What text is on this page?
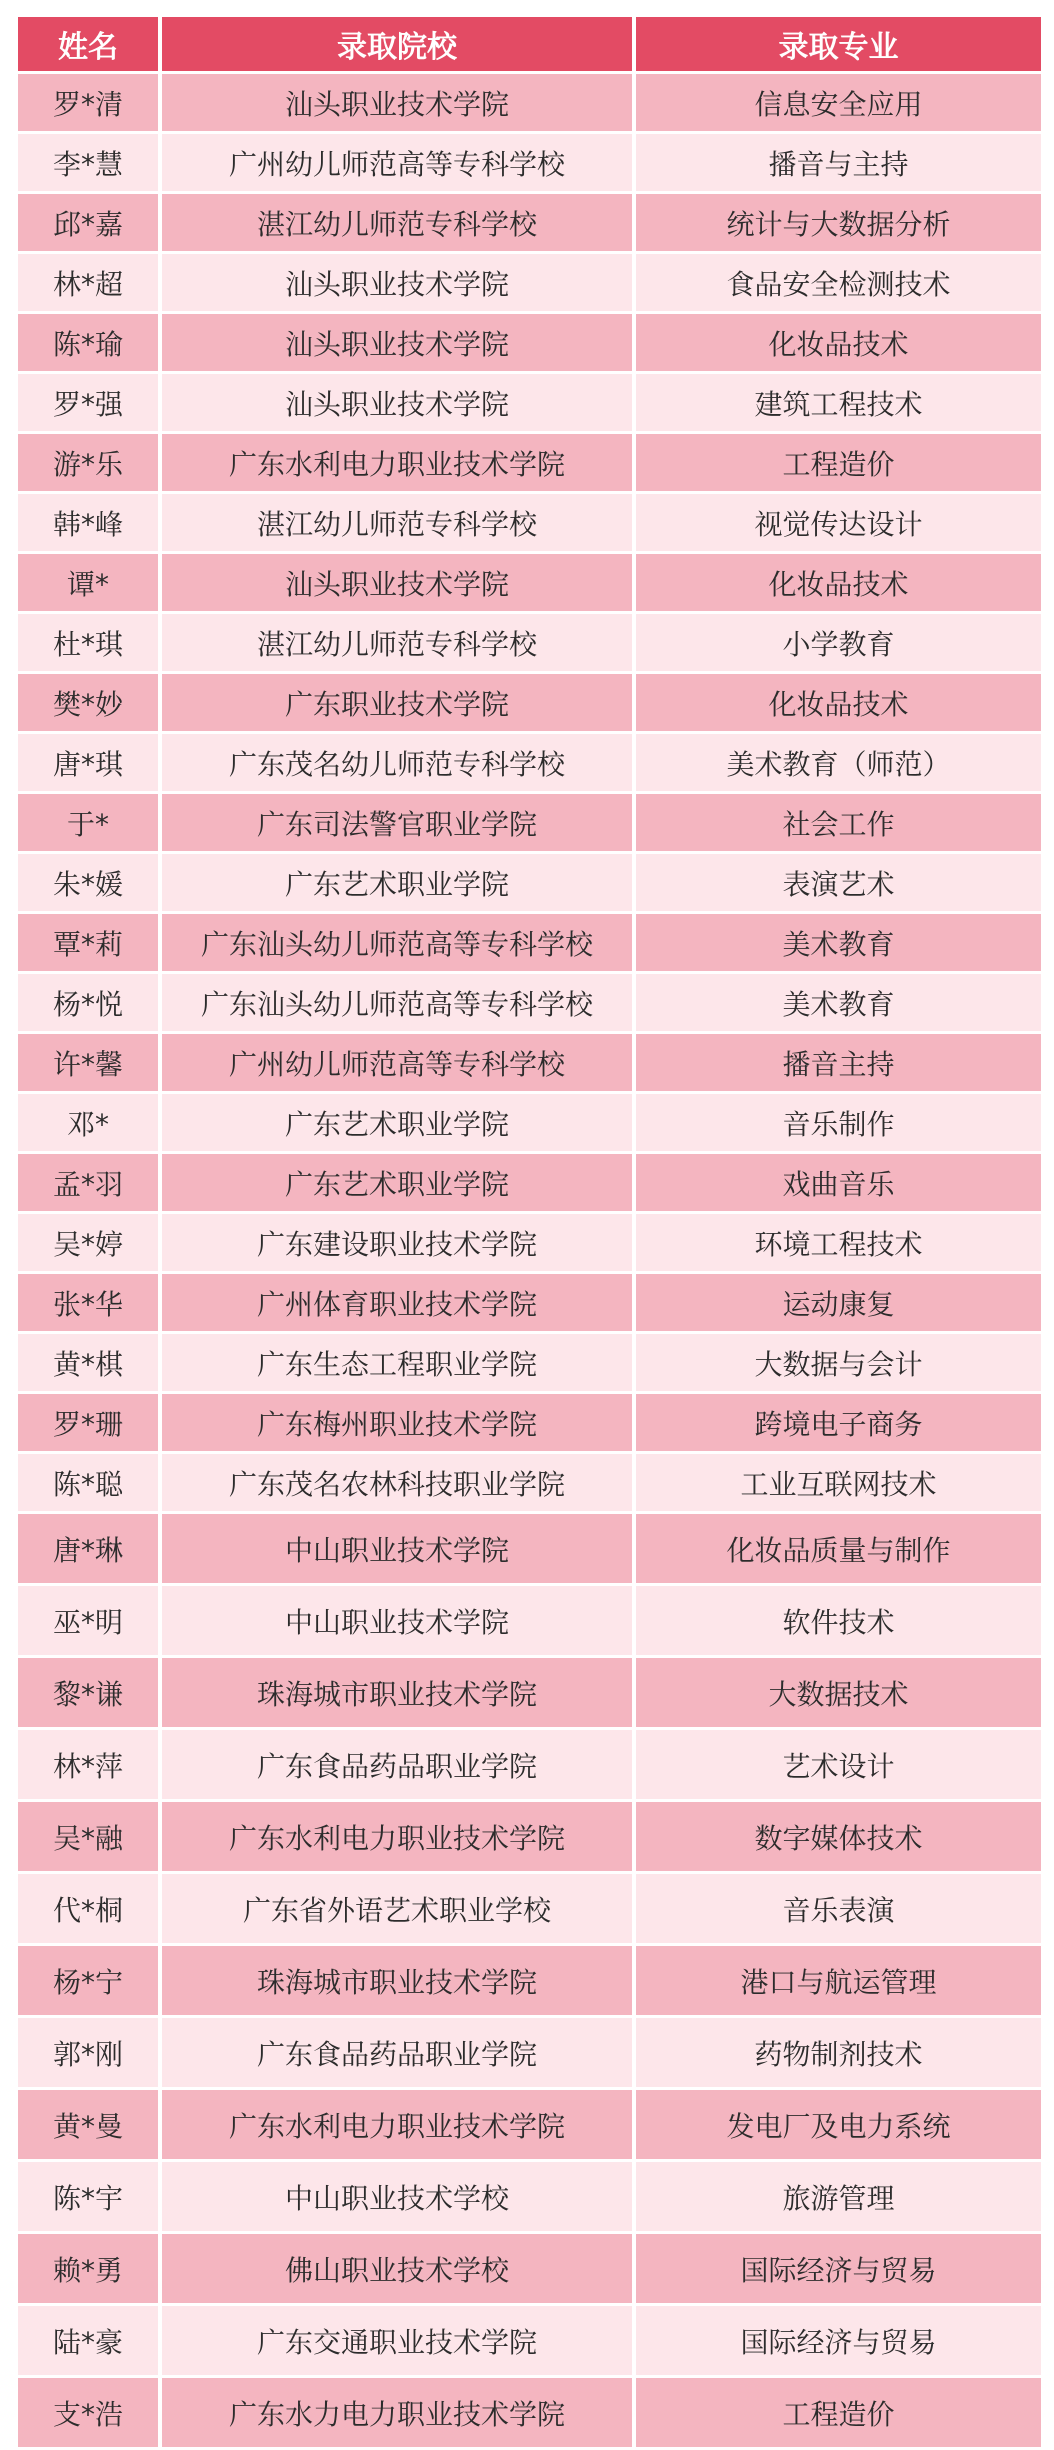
姓名	录取院校	录取专业
罗*清	汕头职业技术学院	信息安全应用
李*慧	广州幼儿师范高等专科学校	播音与主持
邱*嘉	湛江幼儿师范专科学校	统计与大数据分析
林*超	汕头职业技术学院	食品安全检测技术
陈*瑜	汕头职业技术学院	化妆品技术
罗*强	汕头职业技术学院	建筑工程技术
游*乐	广东水利电力职业技术学院	工程造价
韩*峰	湛江幼儿师范专科学校	视觉传达设计
谭*	汕头职业技术学院	化妆品技术
杜*琪	湛江幼儿师范专科学校	小学教育
樊*妙	广东职业技术学院	化妆品技术
唐*琪	广东茂名幼儿师范专科学校	美术教育（师范）
于*	广东司法警官职业学院	社会工作
朱*媛	广东艺术职业学院	表演艺术
覃*莉	广东汕头幼儿师范高等专科学校	美术教育
杨*悦	广东汕头幼儿师范高等专科学校	美术教育
许*馨	广州幼儿师范高等专科学校	播音主持
邓*	广东艺术职业学院	音乐制作
孟*羽	广东艺术职业学院	戏曲音乐
吴*婷	广东建设职业技术学院	环境工程技术
张*华	广州体育职业技术学院	运动康复
黄*棋	广东生态工程职业学院	大数据与会计
罗*珊	广东梅州职业技术学院	跨境电子商务
陈*聪	广东茂名农林科技职业学院	工业互联网技术
唐*琳	中山职业技术学院	化妆品质量与制作
巫*明	中山职业技术学院	软件技术
黎*谦	珠海城市职业技术学院	大数据技术
林*萍	广东食品药品职业学院	艺术设计
吴*融	广东水利电力职业技术学院	数字媒体技术
代*桐	广东省外语艺术职业学校	音乐表演
杨*宁	珠海城市职业技术学院	港口与航运管理
郭*刚	广东食品药品职业学院	药物制剂技术
黄*曼	广东水利电力职业技术学院	发电厂及电力系统
陈*宇	中山职业技术学校	旅游管理
赖*勇	佛山职业技术学校	国际经济与贸易
陆*豪	广东交通职业技术学院	国际经济与贸易
支*浩	广东水力电力职业技术学院	工程造价
